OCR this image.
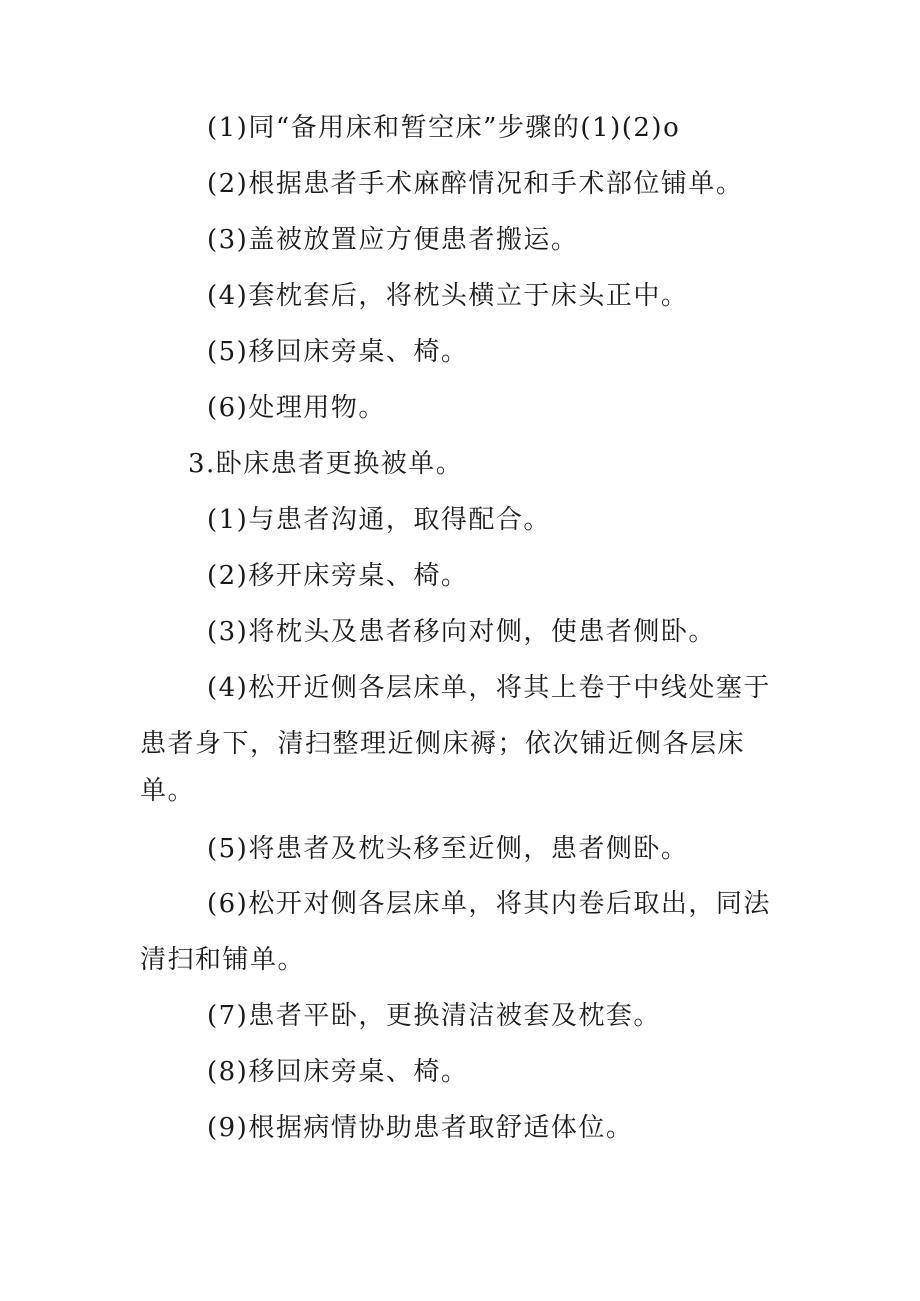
(1)同“备用床和暂空床”步骤的(1)(2)o
(2)根据患者手术麻醉情况和手术部位铺单。
(3)盖被放置应方便患者搬运。
(4)套枕套后，将枕头横立于床头正中。
(5)移回床旁桌、椅。
(6)处理用物。
3.卧床患者更换被单。
(1)与患者沟通，取得配合。
(2)移开床旁桌、椅。
(3)将枕头及患者移向对侧，使患者侧卧。
(4)松开近侧各层床单，将其上卷于中线处塞于
患者身下，清扫整理近侧床褥；依次铺近侧各层床
单。
(5)将患者及枕头移至近侧，患者侧卧。
(6)松开对侧各层床单，将其内卷后取出，同法
清扫和铺单。
(7)患者平卧，更换清洁被套及枕套。
(8)移回床旁桌、椅。
(9)根据病情协助患者取舒适体位。
